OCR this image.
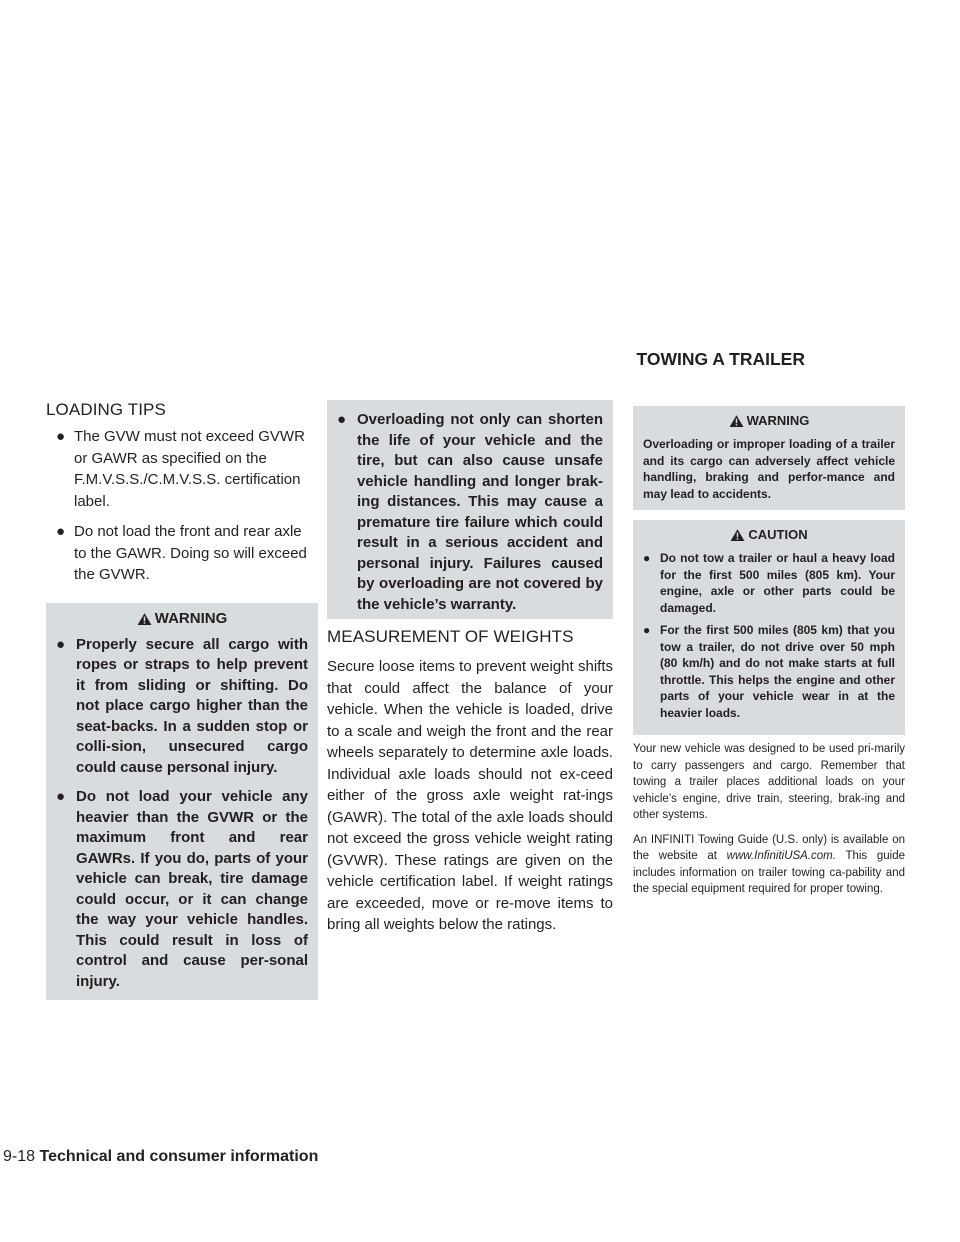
TOWING A TRAILER
LOADING TIPS
● The GVW must not exceed GVWR or GAWR as specified on the F.M.V.S.S./C.M.V.S.S. certification label.
● Do not load the front and rear axle to the GAWR. Doing so will exceed the GVWR.
WARNING
● Properly secure all cargo with ropes or straps to help prevent it from sliding or shifting. Do not place cargo higher than the seat-backs. In a sudden stop or colli-sion, unsecured cargo could cause personal injury.
● Do not load your vehicle any heavier than the GVWR or the maximum front and rear GAWRs. If you do, parts of your vehicle can break, tire damage could occur, or it can change the way your vehicle handles. This could result in loss of control and cause per-sonal injury.
● Overloading not only can shorten the life of your vehicle and the tire, but can also cause unsafe vehicle handling and longer brak-ing distances. This may cause a premature tire failure which could result in a serious accident and personal injury. Failures caused by overloading are not covered by the vehicle’s warranty.
MEASUREMENT OF WEIGHTS

Secure loose items to prevent weight shifts that could affect the balance of your vehicle. When the vehicle is loaded, drive to a scale and weigh the front and the rear wheels separately to determine axle loads. Individual axle loads should not ex-ceed either of the gross axle weight rat-ings (GAWR). The total of the axle loads should not exceed the gross vehicle weight rating (GVWR). These ratings are given on the vehicle certification label. If weight ratings are exceeded, move or re-move items to bring all weights below the ratings.

WARNING

Overloading or improper loading of a trailer and its cargo can adversely affect vehicle handling, braking and perfor-mance and may lead to accidents.

CAUTION
● Do not tow a trailer or haul a heavy load for the first 500 miles (805 km). Your engine, axle or other parts could be damaged.
● For the first 500 miles (805 km) that you tow a trailer, do not drive over 50 mph (80 km/h) and do not make starts at full throttle. This helps the engine and other parts of your vehicle wear in at the heavier loads.

Your new vehicle was designed to be used pri-marily to carry passengers and cargo. Remember that towing a trailer places additional loads on your vehicle’s engine, drive train, steering, brak-ing and other systems.

An INFINITI Towing Guide (U.S. only) is available on the website at www.InfinitiUSA.com. This guide includes information on trailer towing ca-pability and the special equipment required for proper towing.

9-18 Technical and consumer information
